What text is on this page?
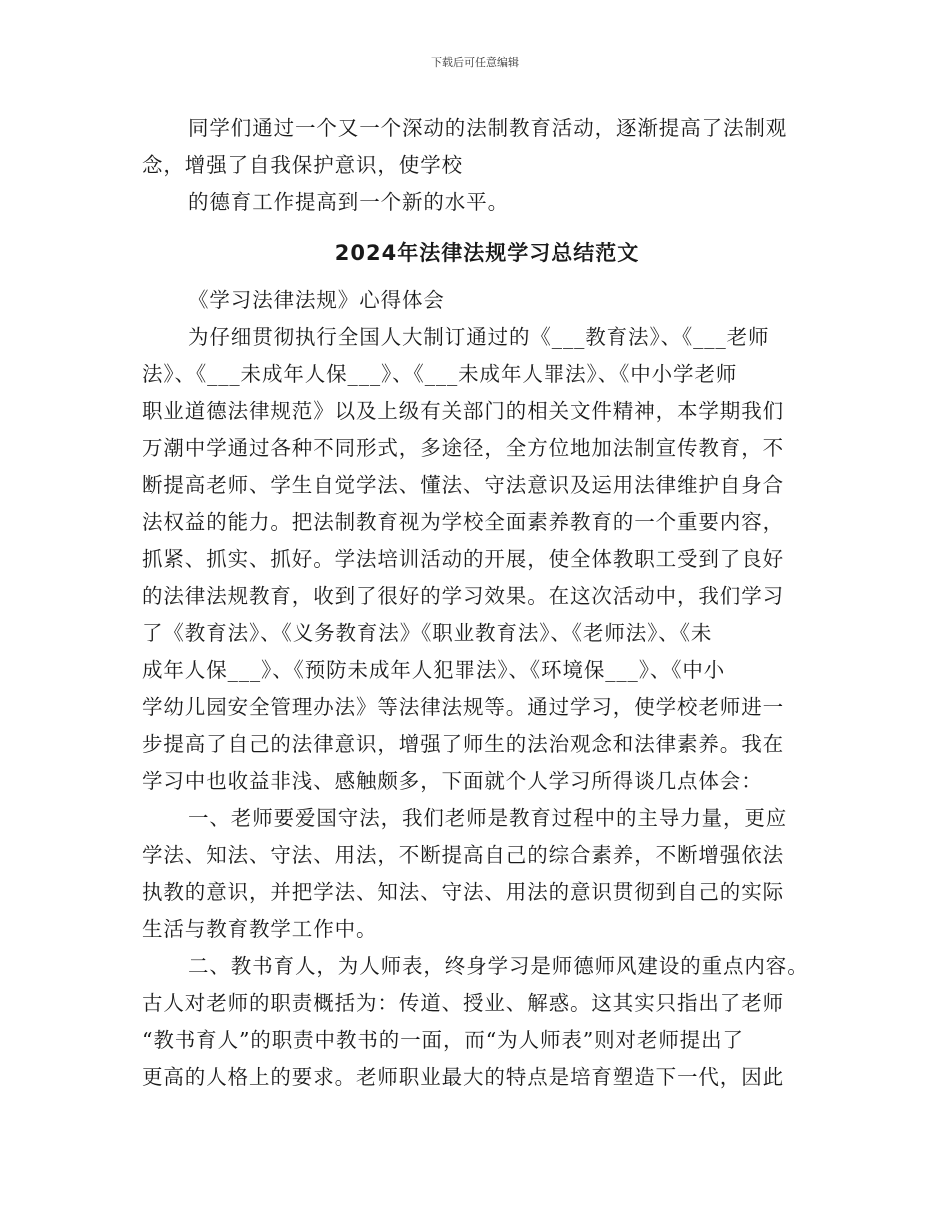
下载后可任意编辑
同学们通过一个又一个深动的法制教育活动，逐渐提高了法制观
念，增强了自我保护意识，使学校
的德育工作提高到一个新的水平。
2024年法律法规学习总结范文
《学习法律法规》心得体会
为仔细贯彻执行全国人大制订通过的《___教育法》、《___老师
法》、《___未成年人保___》、《___未成年人罪法》、《中小学老师
职业道德法律规范》以及上级有关部门的相关文件精神，本学期我们
万潮中学通过各种不同形式，多途径，全方位地加法制宣传教育，不
断提高老师、学生自觉学法、懂法、守法意识及运用法律维护自身合
法权益的能力。把法制教育视为学校全面素养教育的一个重要内容，
抓紧、抓实、抓好。学法培训活动的开展，使全体教职工受到了良好
的法律法规教育，收到了很好的学习效果。在这次活动中，我们学习
了《教育法》、《义务教育法》《职业教育法》、《老师法》、《未
成年人保___》、《预防未成年人犯罪法》、《环境保___》、《中小
学幼儿园安全管理办法》等法律法规等。通过学习，使学校老师进一
步提高了自己的法律意识，增强了师生的法治观念和法律素养。我在
学习中也收益非浅、感触颇多，下面就个人学习所得谈几点体会：
一、老师要爱国守法，我们老师是教育过程中的主导力量，更应
学法、知法、守法、用法，不断提高自己的综合素养，不断增强依法
执教的意识，并把学法、知法、守法、用法的意识贯彻到自己的实际
生活与教育教学工作中。
二、教书育人，为人师表，终身学习是师德师风建设的重点内容。
古人对老师的职责概括为：传道、授业、解惑。这其实只指出了老师
“教书育人”的职责中教书的一面，而“为人师表”则对老师提出了
更高的人格上的要求。老师职业最大的特点是培育塑造下一代，因此
